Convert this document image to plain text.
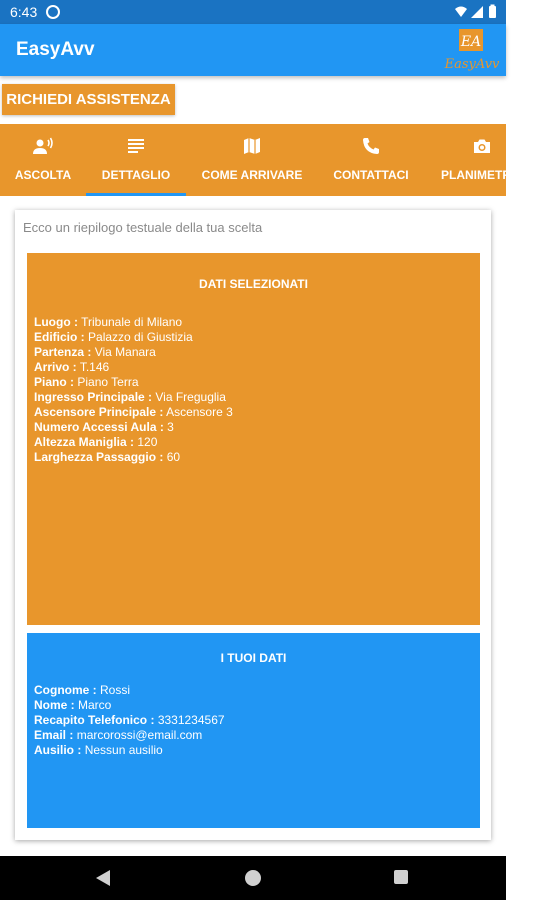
6:43
EasyAvv	EA
EasyAvv
RICHIEDI ASSISTENZA
ASCOLTA	DETTAGLIO	COME ARRIVARE	CONTATTACI	PLANIMETRIA
Ecco un riepilogo testuale della tua scelta
DATI SELEZIONATI
Luogo : Tribunale di Milano
Edificio : Palazzo di Giustizia
Partenza : Via Manara
Arrivo : T.146
Piano : Piano Terra
Ingresso Principale : Via Freguglia
Ascensore Principale : Ascensore 3
Numero Accessi Aula : 3
Altezza Maniglia : 120
Larghezza Passaggio : 60
I TUOI DATI
Cognome : Rossi
Nome : Marco
Recapito Telefonico : 3331234567
Email : marcorossi@email.com
Ausilio : Nessun ausilio
